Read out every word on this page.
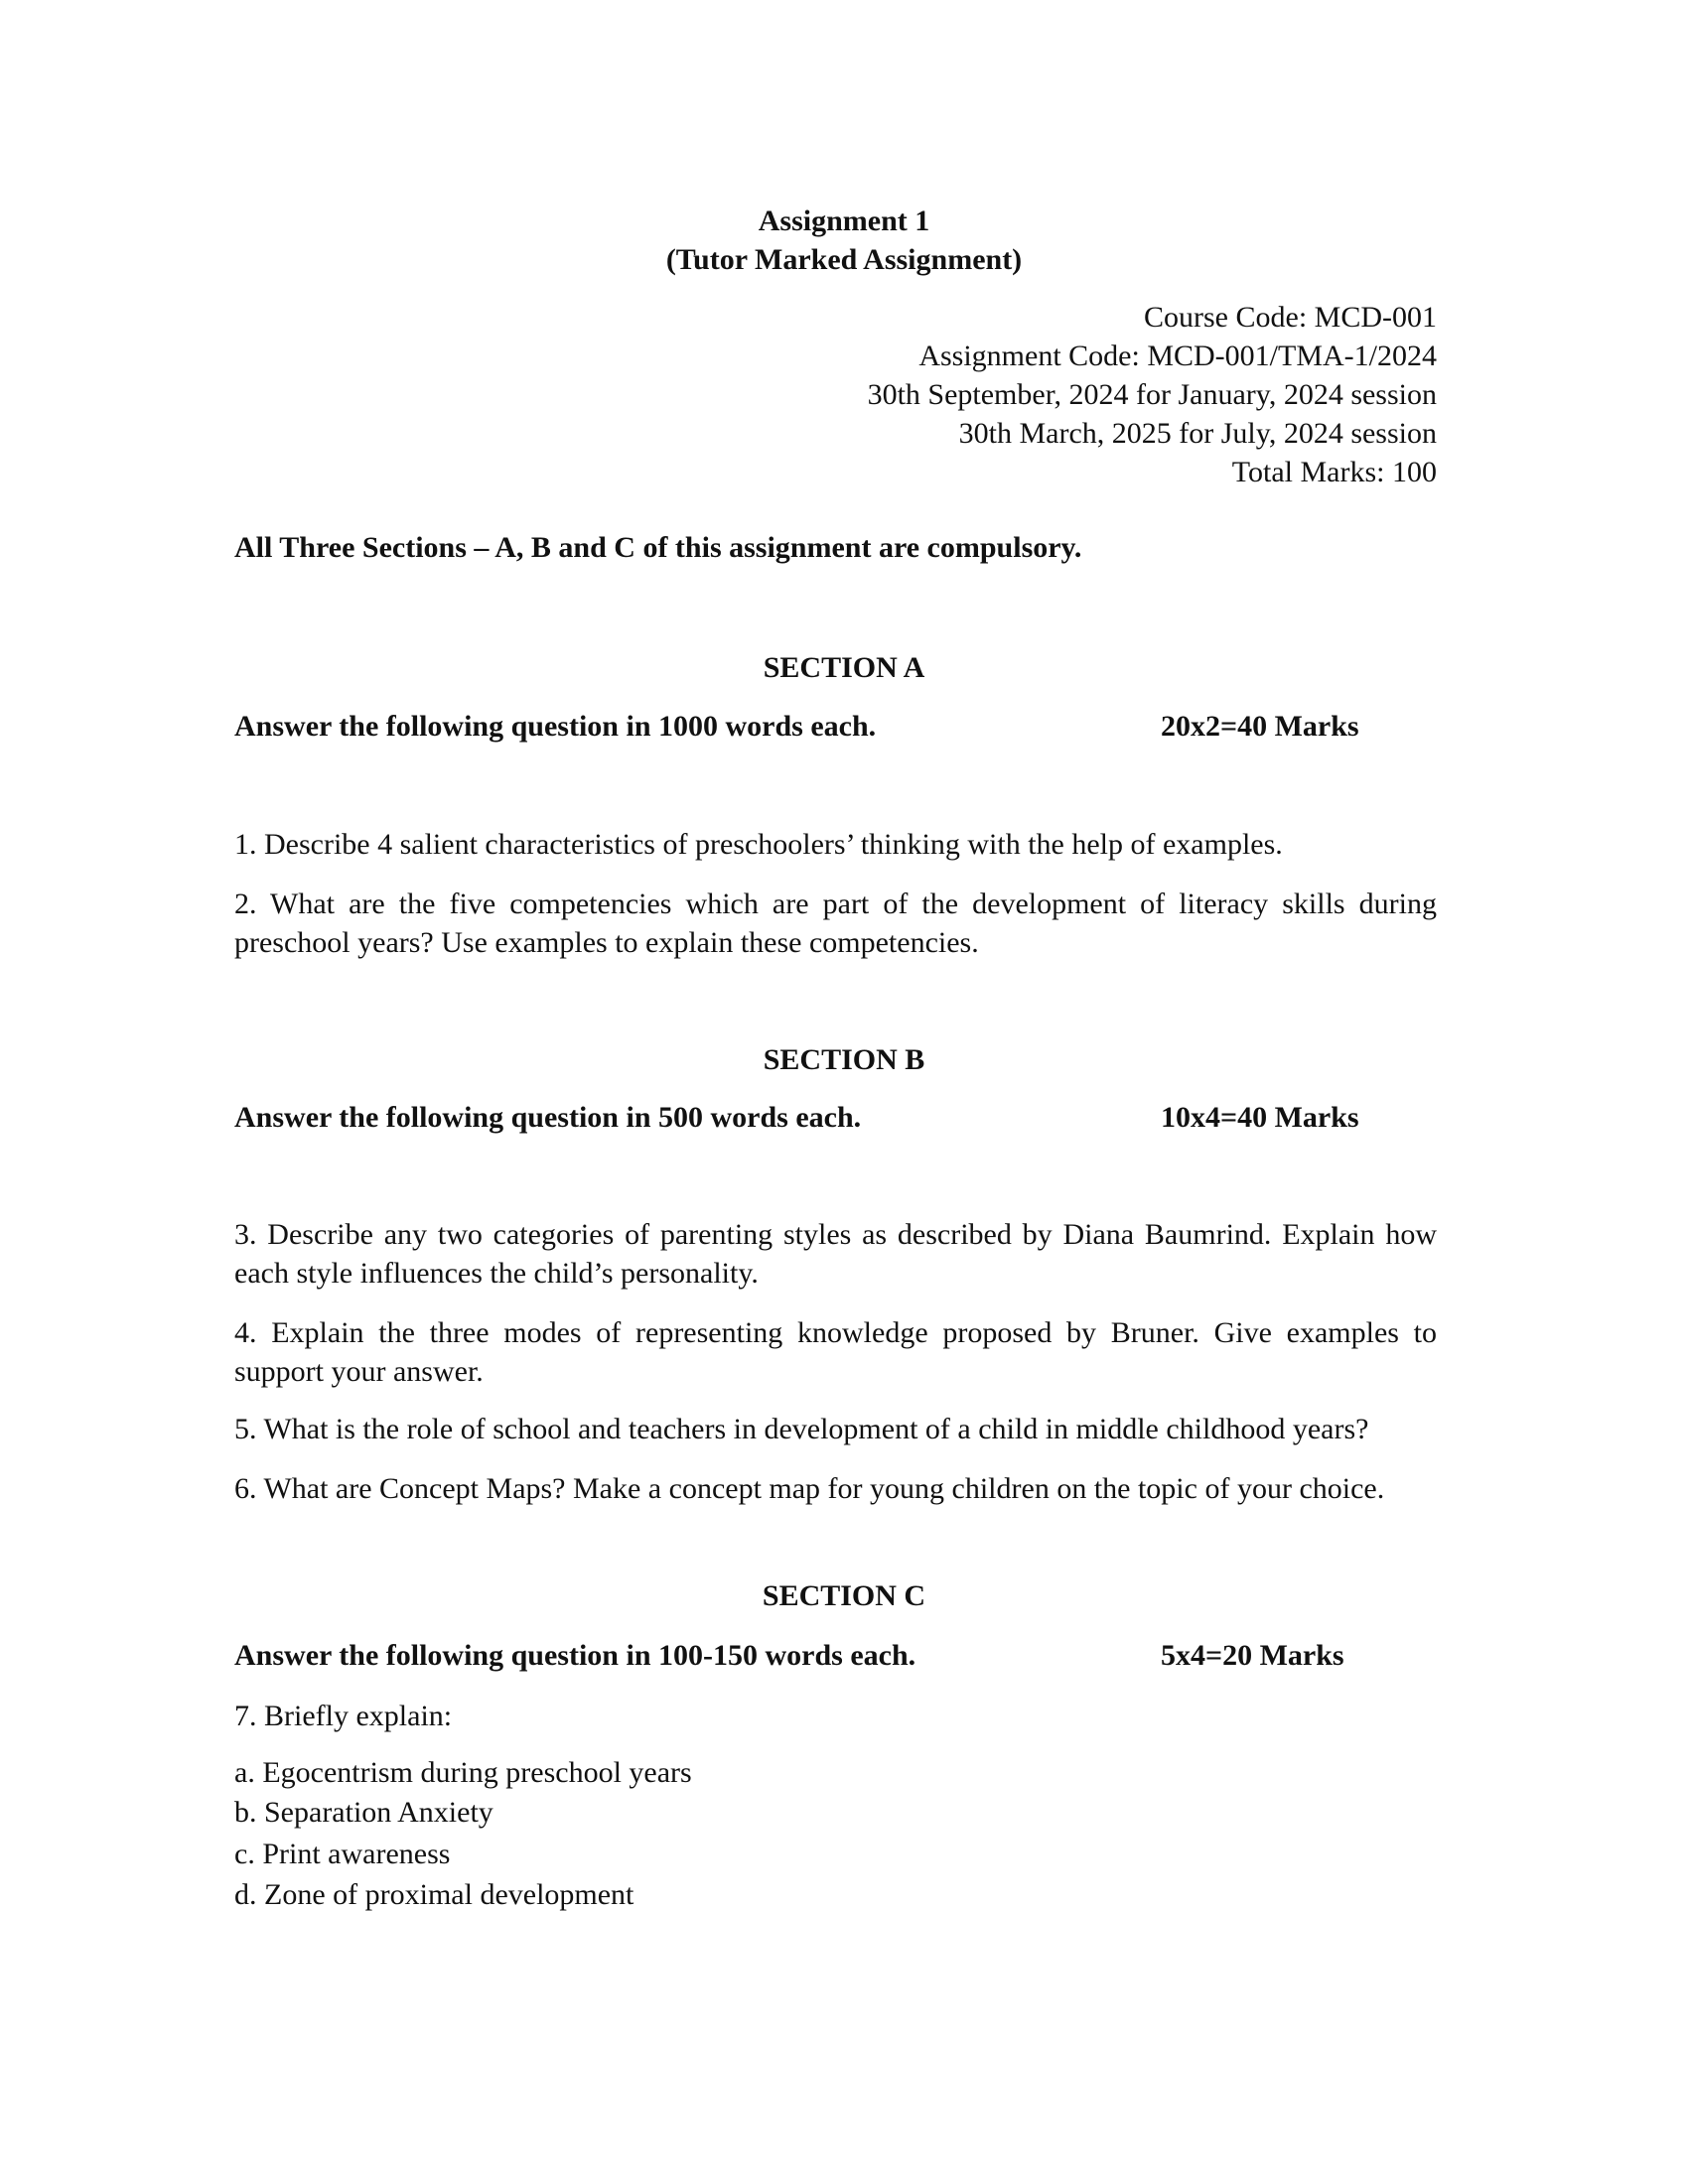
Assignment 1
(Tutor Marked Assignment)
Course Code: MCD-001
Assignment Code: MCD-001/TMA-1/2024
30th September, 2024 for January, 2024 session
30th March, 2025 for July, 2024 session
Total Marks: 100
All Three Sections – A, B and C of this assignment are compulsory.
SECTION A
Answer the following question in 1000 words each.	20x2=40 Marks
1. Describe 4 salient characteristics of preschoolers’ thinking with the help of examples.
2. What are the five competencies which are part of the development of literacy skills during preschool years? Use examples to explain these competencies.
SECTION B
Answer the following question in 500 words each.	10x4=40 Marks
3. Describe any two categories of parenting styles as described by Diana Baumrind. Explain how each style influences the child’s personality.
4. Explain the three modes of representing knowledge proposed by Bruner. Give examples to support your answer.
5. What is the role of school and teachers in development of a child in middle childhood years?
6. What are Concept Maps? Make a concept map for young children on the topic of your choice.
SECTION C
Answer the following question in 100-150 words each.	5x4=20 Marks
7. Briefly explain:
a. Egocentrism during preschool years
b. Separation Anxiety
c. Print awareness
d. Zone of proximal development
